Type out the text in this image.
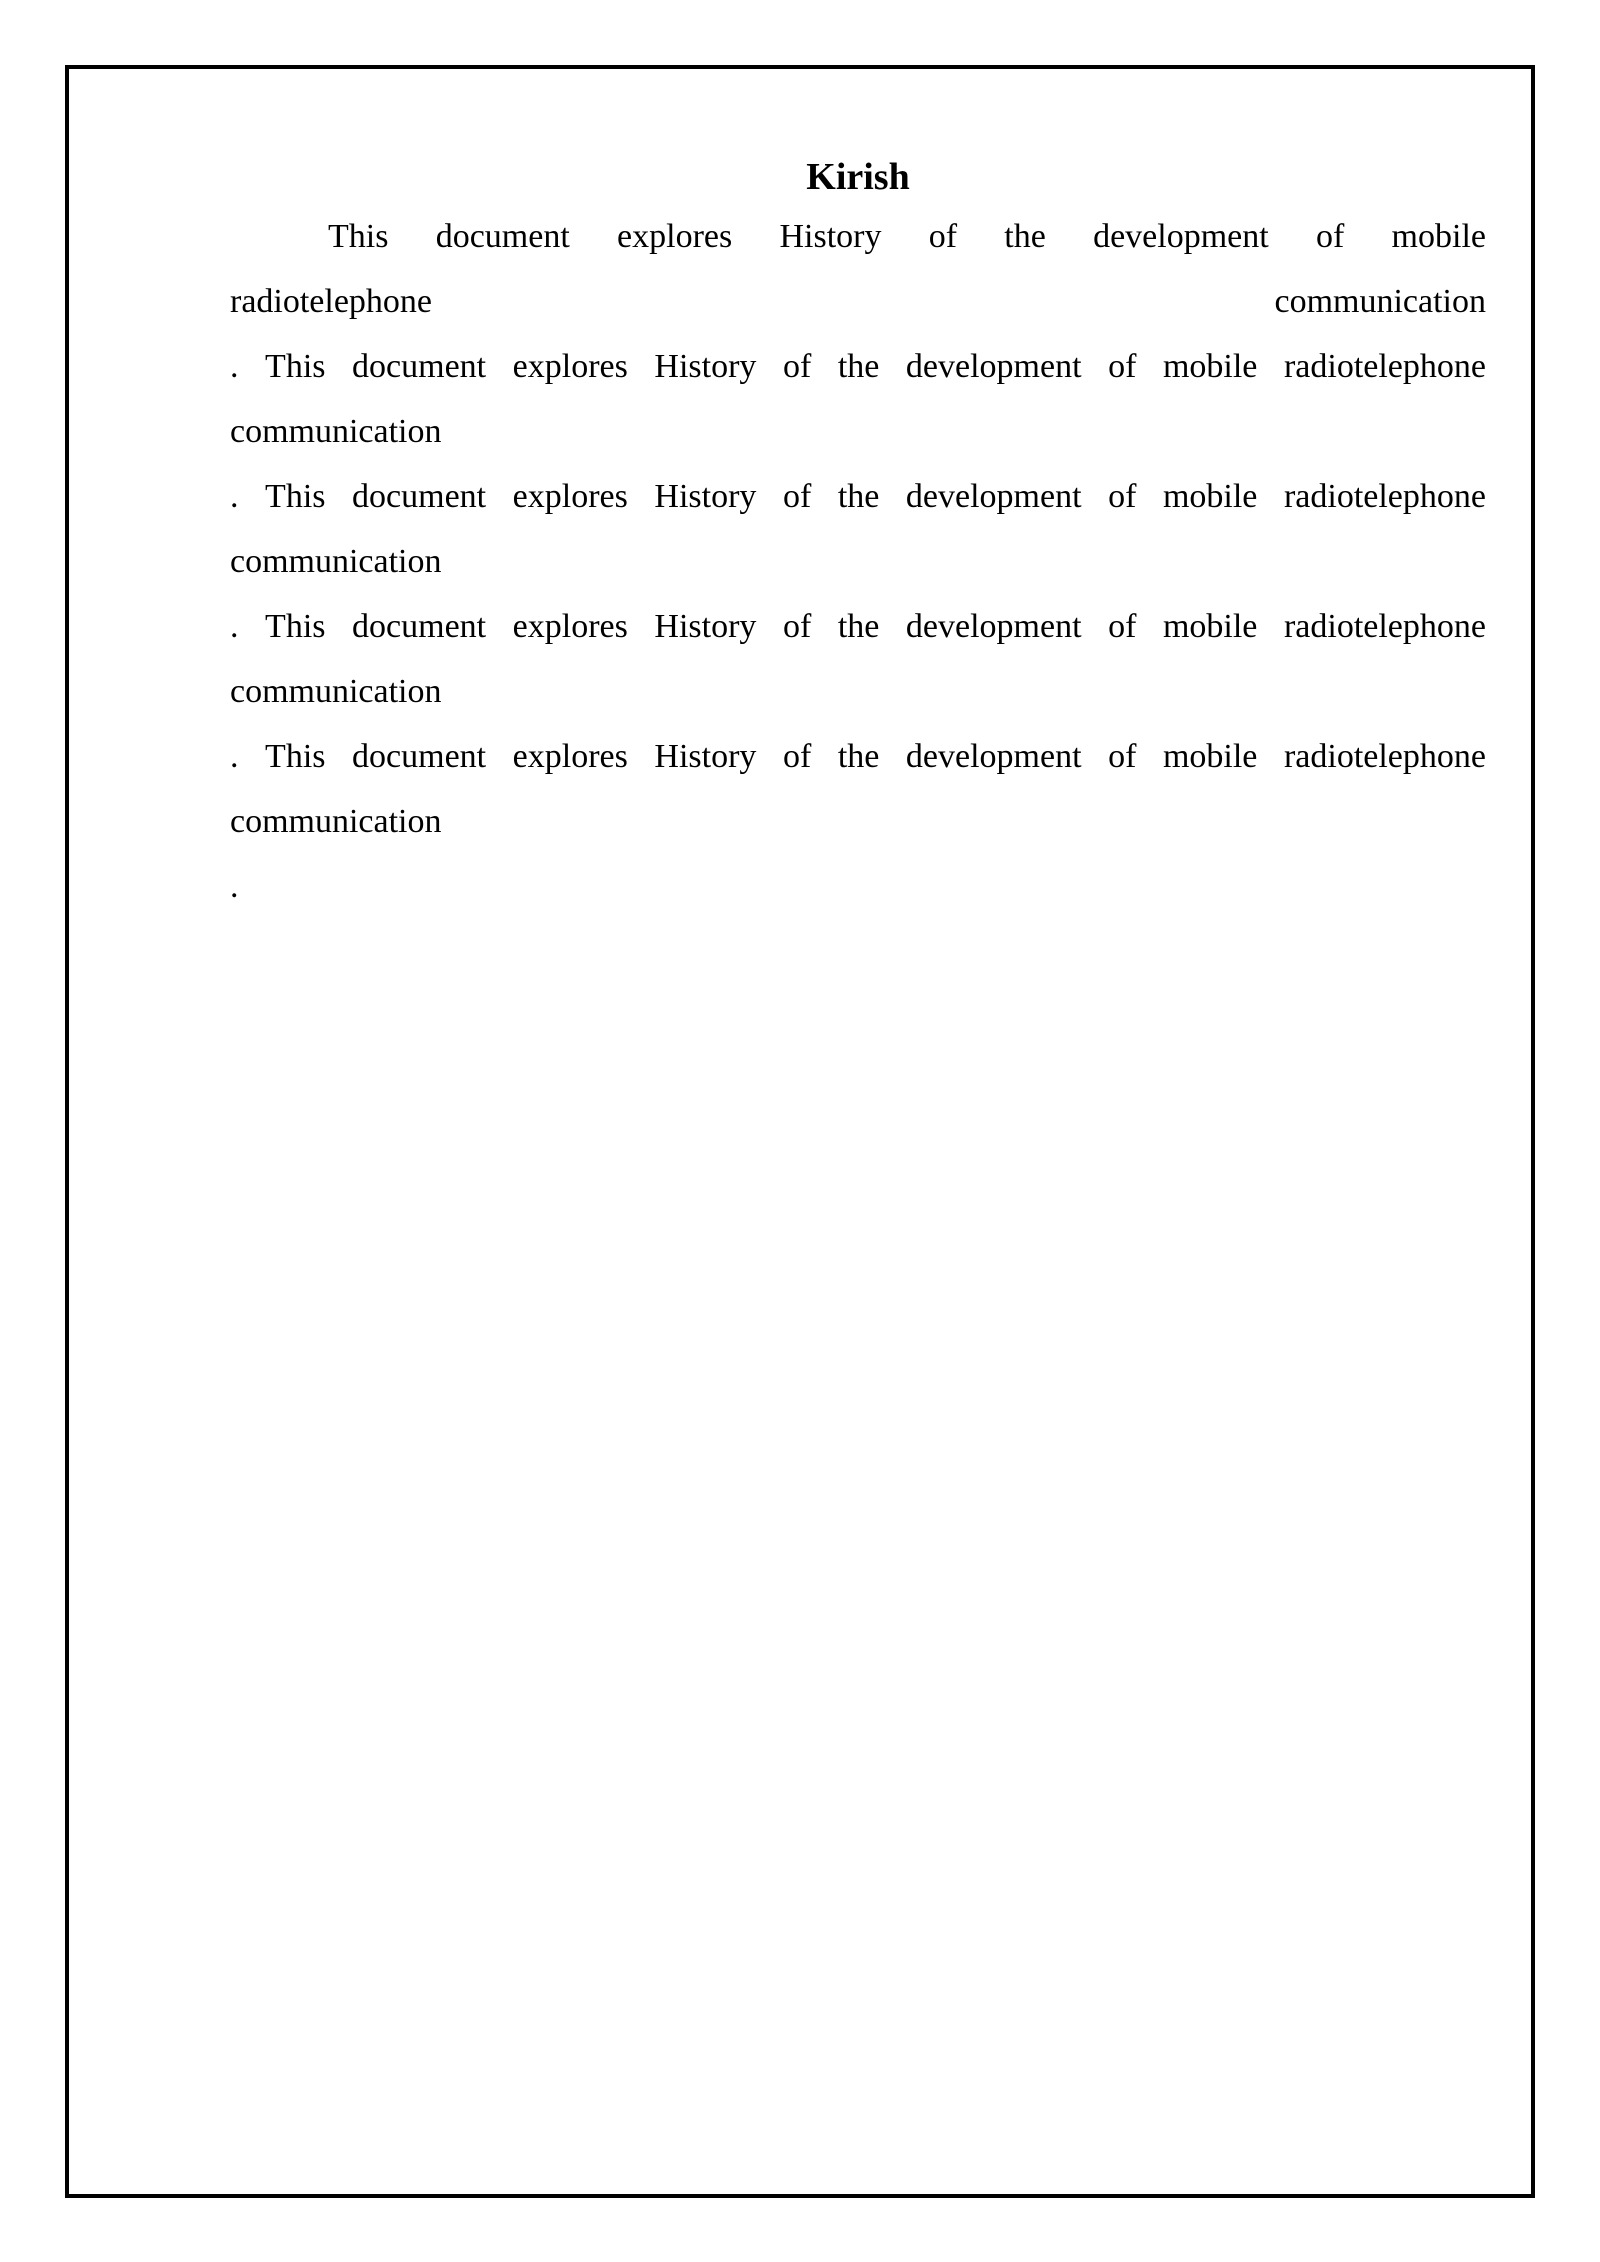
Kirish
This document explores History of the development of mobile
radiotelephone	communication
. This document explores History of the development of mobile radiotelephone
communication
. This document explores History of the development of mobile radiotelephone
communication
. This document explores History of the development of mobile radiotelephone
communication
. This document explores History of the development of mobile radiotelephone
communication
.
